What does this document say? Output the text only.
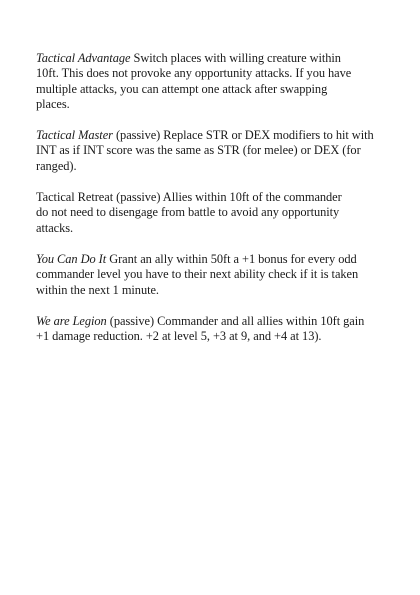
Tactical Advantage Switch places with willing creature within
10ft. This does not provoke any opportunity attacks. If you have
multiple attacks, you can attempt one attack after swapping
places.
Tactical Master (passive) Replace STR or DEX modifiers to hit with
INT as if INT score was the same as STR (for melee) or DEX (for
ranged).
Tactical Retreat (passive) Allies within 10ft of the commander
do not need to disengage from battle to avoid any opportunity
attacks.
You Can Do It Grant an ally within 50ft a +1 bonus for every odd
commander level you have to their next ability check if it is taken
within the next 1 minute.
We are Legion (passive) Commander and all allies within 10ft gain
+1 damage reduction. +2 at level 5, +3 at 9, and +4 at 13).
